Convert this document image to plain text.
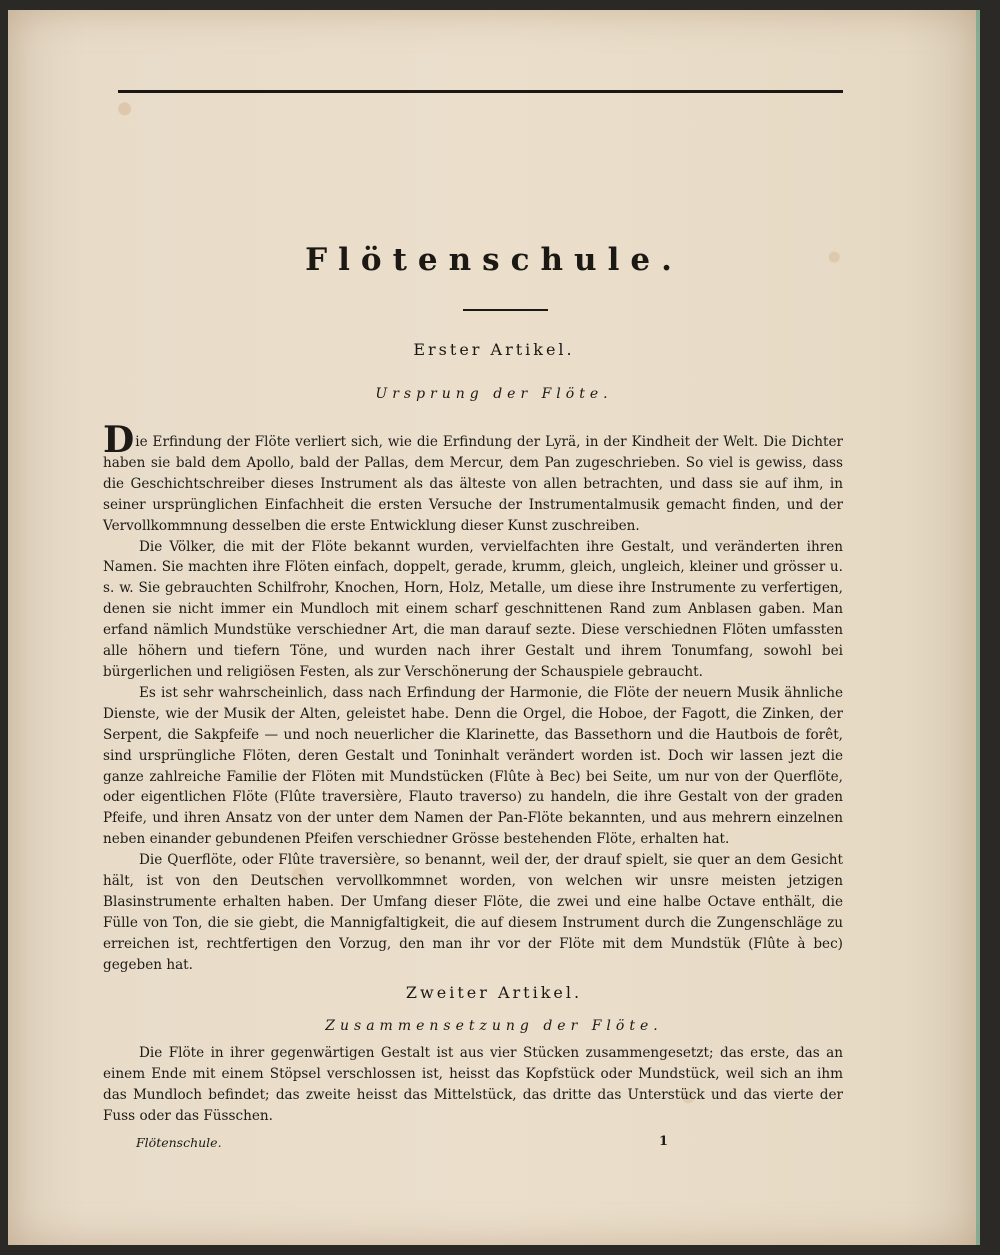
Flötenschule.
Erster Artikel.
Ursprung der Flöte.

Die Erfindung der Flöte verliert sich, wie die Erfindung der Lyrä, in der Kindheit der Welt. Die Dichter haben sie bald dem Apollo, bald der Pallas, dem Mercur, dem Pan zugeschrieben. So viel is gewiss, dass die Geschichtschreiber dieses Instrument als das älteste von allen betrachten, und dass sie auf ihm, in seiner ursprünglichen Einfachheit die ersten Versuche der Instrumentalmusik gemacht finden, und der Vervollkommnung desselben die erste Entwicklung dieser Kunst zuschreiben.

Die Völker, die mit der Flöte bekannt wurden, vervielfachten ihre Gestalt, und veränderten ihren Namen. Sie machten ihre Flöten einfach, doppelt, gerade, krumm, gleich, ungleich, kleiner und grösser u. s. w. Sie gebrauchten Schilfrohr, Knochen, Horn, Holz, Metalle, um diese ihre Instrumente zu verfertigen, denen sie nicht immer ein Mundloch mit einem scharf geschnittenen Rand zum Anblasen gaben. Man erfand nämlich Mundstüke verschiedner Art, die man darauf sezte. Diese verschiednen Flöten umfassten alle höhern und tiefern Töne, und wurden nach ihrer Gestalt und ihrem Tonumfang, sowohl bei bürgerlichen und religiösen Festen, als zur Verschönerung der Schauspiele gebraucht.

Es ist sehr wahrscheinlich, dass nach Erfindung der Harmonie, die Flöte der neuern Musik ähnliche Dienste, wie der Musik der Alten, geleistet habe. Denn die Orgel, die Hoboe, der Fagott, die Zinken, der Serpent, die Sakpfeife — und noch neuerlicher die Klarinette, das Bassethorn und die Hautbois de forêt, sind ursprüngliche Flöten, deren Gestalt und Toninhalt verändert worden ist. Doch wir lassen jezt die ganze zahlreiche Familie der Flöten mit Mundstücken (Flûte à Bec) bei Seite, um nur von der Querflöte, oder eigentlichen Flöte (Flûte traversière, Flauto traverso) zu handeln, die ihre Gestalt von der graden Pfeife, und ihren Ansatz von der unter dem Namen der Pan-Flöte bekannten, und aus mehrern einzelnen neben einander gebundenen Pfeifen verschiedner Grösse bestehenden Flöte, erhalten hat.

Die Querflöte, oder Flûte traversière, so benannt, weil der, der drauf spielt, sie quer an dem Gesicht hält, ist von den Deutschen vervollkommnet worden, von welchen wir unsre meisten jetzigen Blasinstrumente erhalten haben. Der Umfang dieser Flöte, die zwei und eine halbe Octave enthält, die Fülle von Ton, die sie giebt, die Mannigfaltigkeit, die auf diesem Instrument durch die Zungenschläge zu erreichen ist, rechtfertigen den Vorzug, den man ihr vor der Flöte mit dem Mundstük (Flûte à bec) gegeben hat.

Zweiter Artikel.
Zusammensetzung der Flöte.

Die Flöte in ihrer gegenwärtigen Gestalt ist aus vier Stücken zusammengesetzt; das erste, das an einem Ende mit einem Stöpsel verschlossen ist, heisst das Kopfstück oder Mundstück, weil sich an ihm das Mundloch befindet; das zweite heisst das Mittelstück, das dritte das Unterstück und das vierte der Fuss oder das Füsschen.

Flötenschule.	1
